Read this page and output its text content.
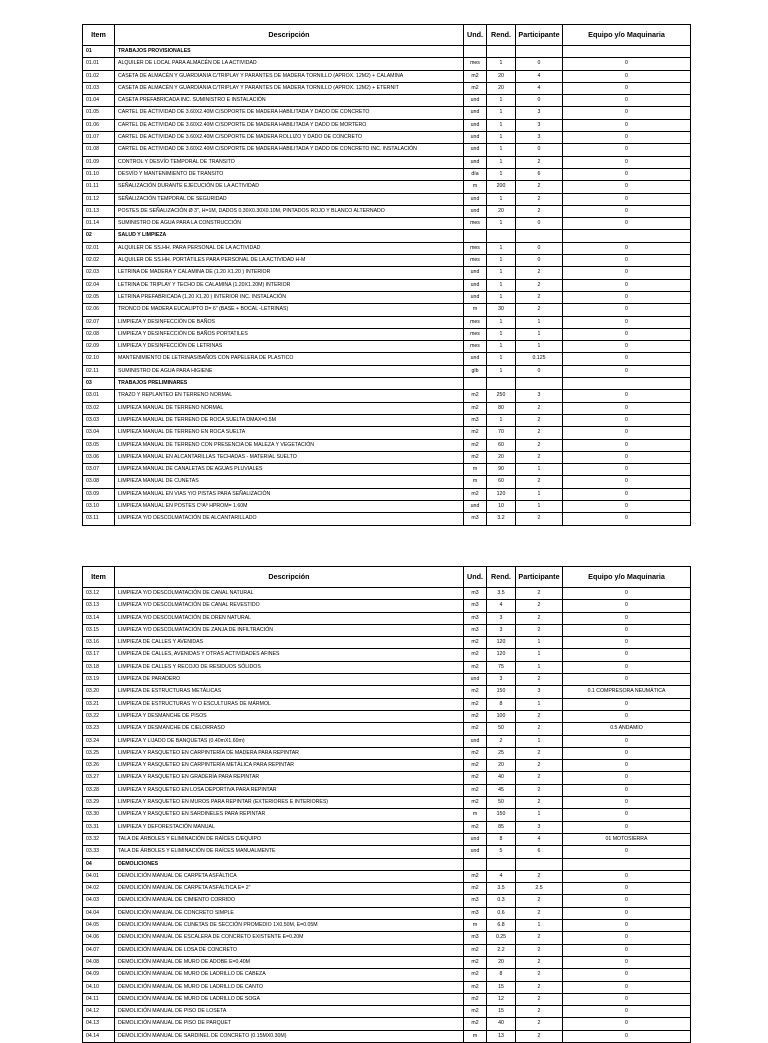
Item	Descripción	Und.	Rend.	Participante	Equipo y/o Maquinaria
01	TRABAJOS PROVISIONALES				
01.01	ALQUILER DE LOCAL PARA ALMACÉN DE LA ACTIVIDAD	mes	1	0	0
01.02	CASETA DE ALMACÉN Y GUARDIANIA C/TRIPLAY Y PARANTES DE MADERA TORNILLO (APROX. 12M2) + CALAMINA	m2	20	4	0
01.03	CASETA DE ALMACÉN Y GUARDIANIA C/TRIPLAY Y PARANTES DE MADERA TORNILLO (APROX. 12M2) + ETERNIT	m2	20	4	0
01.04	CASETA PREFABRICADA INC. SUMINISTRO E INSTALACIÓN	und	1	0	0
01.05	CARTEL DE ACTIVIDAD DE 3.60X2.40M C/SOPORTE DE MADERA HABILITADA Y DADO DE CONCRETO	und	1	3	0
01.06	CARTEL DE ACTIVIDAD DE 3.60X2.40M C/SOPORTE DE MADERA HABILITADA Y DADO DE MORTERO	und	1	3	0
01.07	CARTEL DE ACTIVIDAD DE 3.60X2.40M C/SOPORTE DE MADERA ROLLIZO Y DADO DE CONCRETO	und	1	3	0
01.08	CARTEL DE ACTIVIDAD DE 3.60X2.40M C/SOPORTE DE MADERA HABILITADA Y DADO DE CONCRETO INC. INSTALACIÓN	und	1	0	0
01.09	CONTROL Y DESVÍO TEMPORAL DE TRANSITO	und	1	2	0
01.10	DESVÍO Y MANTENIMIENTO DE TRANSITO	día	1	6	0
01.11	SEÑALIZACIÓN DURANTE EJECUCIÓN DE LA ACTIVIDAD	m	200	2	0
01.12	SEÑALIZACIÓN TEMPORAL DE SEGURIDAD	und	1	2	0
01.13	POSTES DE SEÑALIZACIÓN Ø 3", H=1M, DADOS 0.30X0.30X0.10M, PINTADOS ROJO Y BLANCO ALTERNADO	und	20	2	0
01.14	SUMINISTRO DE AGUA PARA LA CONSTRUCCIÓN	mes	1	0	0
02	SALUD Y LIMPIEZA				
02.01	ALQUILER DE SS.HH. PARA PERSONAL DE LA ACTIVIDAD	mes	1	0	0
02.02	ALQUILER DE SS.HH. PORTÁTILES PARA PERSONAL DE LA ACTIVIDAD H-M	mes	1	0	0
02.03	LETRINA DE MADERA Y CALAMINA DE (1.20 X1.20 ) INTERIOR	und	1	2	0
02.04	LETRINA DE TRIPLAY Y TECHO DE CALAMINA (1.20X1.20M) INTERIOR	und	1	2	0
02.05	LETRINA PREFABRICADA (1.20 X1.20 ) INTERIOR INC. INSTALACIÓN	und	1	2	0
02.06	TRONCO DE MADERA EUCALIPTO D= 6" (BASE + BOCAL -LETRINAS)	m	30	2	0
02.07	LIMPIEZA Y DESINFECCIÓN DE BAÑOS	mes	1	1	0
02.08	LIMPIEZA Y DESINFECCIÓN DE BAÑOS PORTATILES	mes	1	1	0
02.09	LIMPIEZA Y DESINFECCIÓN DE LETRINAS	mes	1	1	0
02.10	MANTENIMIENTO DE LETRINAS/BAÑOS CON PAPELERA DE PLASTICO	und	1	0.125	0
02.11	SUMINISTRO DE AGUA PARA HIGIENE	glb	1	0	0
03	TRABAJOS PRELIMINARES				
03.01	TRAZO Y REPLANTEO EN TERRENO NORMAL	m2	250	3	0
03.02	LIMPIEZA MANUAL DE TERRENO NORMAL	m2	80	2	0
03.03	LIMPIEZA MANUAL DE TERRENO DE ROCA SUELTA DMAX=0.5M	m3	1	2	0
03.04	LIMPIEZA MANUAL DE TERRENO EN ROCA SUELTA	m2	70	2	0
03.05	LIMPIEZA MANUAL DE TERRENO CON PRESENCIA DE MALEZA Y VEGETACIÓN	m2	60	2	0
03.06	LIMPIEZA MANUAL EN ALCANTARILLAS TECHADAS - MATERIAL SUELTO	m2	20	2	0
03.07	LIMPIEZA MANUAL DE CANALETAS DE AGUAS PLUVIALES	m	90	1	0
03.08	LIMPIEZA MANUAL DE CUNETAS	m	60	2	0
03.09	LIMPIEZA MANUAL EN VIAS Y/O PISTAS PARA SEÑALIZACIÓN	m2	120	1	0
03.10	LIMPIEZA MANUAL EN POSTES CºAº HPROM= 1.60M	und	10	1	0
03.11	LIMPIEZA Y/O DESCOLMATACIÓN DE ALCANTARILLADO	m3	3.2	2	0
Item	Descripción	Und.	Rend.	Participante	Equipo y/o Maquinaria
03.12	LIMPIEZA Y/O DESCOLMATACIÓN DE CANAL NATURAL	m3	3.5	2	0
03.13	LIMPIEZA Y/O DESCOLMATACIÓN DE CANAL REVESTIDO	m3	4	2	0
03.14	LIMPIEZA Y/O DESCOLMATACIÓN DE DREN NATURAL	m3	3	2	0
03.15	LIMPIEZA Y/O DESCOLMATACIÓN DE ZANJA DE INFILTRACIÓN	m3	3	2	0
03.16	LIMPIEZA DE CALLES Y AVENIDAS	m2	120	1	0
03.17	LIMPIEZA DE CALLES, AVENIDAS Y OTRAS ACTIVIDADES AFINES	m2	120	1	0
03.18	LIMPIEZA DE CALLES Y RECOJO DE RESIDUOS SÓLIDOS	m2	75	1	0
03.19	LIMPIEZA DE PARADERO	und	3	2	0
03.20	LIMPIEZA DE ESTRUCTURAS METÁLICAS	m2	150	3	0.1 COMPRESORA NEUMÁTICA
03.21	LIMPIEZA DE ESTRUCTURAS Y/ O ESCULTURAS DE MÁRMOL	m2	8	1	0
03.22	LIMPIEZA Y DESMANCHE DE PISOS	m2	100	2	0
03.23	LIMPIEZA Y DESMANCHE DE CIELORRASO	m2	50	2	0.5 ANDAMIO
03.24	LIMPIEZA Y LIJADO DE BANQUETAS (0.40mX1.60m)	und	2	1	0
03.25	LIMPIEZA Y RASQUETEO EN CARPINTERÍA DE MADERA PARA REPINTAR	m2	25	2	0
03.26	LIMPIEZA Y RASQUETEO EN CARPINTERÍA METÁLICA PARA REPINTAR	m2	20	2	0
03.27	LIMPIEZA Y RASQUETEO EN GRADERÍA PARA REPINTAR	m2	40	2	0
03.28	LIMPIEZA Y RASQUETEO EN LOSA DEPORTIVA PARA REPINTAR	m2	45	2	0
03.29	LIMPIEZA Y RASQUETEO EN MUROS PARA REPINTAR (EXTERIORES E INTERIORES)	m2	50	2	0
03.30	LIMPIEZA Y RASQUETEO EN SARDINELES PARA REPINTAR	m	150	1	0
03.31	LIMPIEZA Y DEFORESTACIÓN MANUAL	m2	85	3	0
03.32	TALA DE ÁRBOLES Y ELIMINACIÓN DE RAÍCES C/EQUIPO	und	8	4	01 MOTOSIERRA
03.33	TALA DE ÁRBOLES Y ELIMINACIÓN DE RAÍCES MANUALMENTE	und	5	6	0
04	DEMOLICIONES				
04.01	DEMOLICIÓN MANUAL DE CARPETA ASFÁLTICA	m2	4	2	0
04.02	DEMOLICIÓN MANUAL DE CARPETA ASFÁLTICA E= 2"	m2	3.5	2.5	0
04.03	DEMOLICIÓN MANUAL DE CIMIENTO CORRIDO	m3	0.3	2	0
04.04	DEMOLICIÓN MANUAL DE CONCRETO SIMPLE	m3	0.6	2	0
04.05	DEMOLICIÓN MANUAL DE CUNETAS DE SECCIÓN PROMEDIO 1X0.50M, E=0.05M	m	6.8	1	0
04.06	DEMOLICIÓN MANUAL DE ESCALERA DE CONCRETO EXISTENTE E=0.20M	m3	0.25	2	0
04.07	DEMOLICIÓN MANUAL DE LOSA DE CONCRETO	m2	2.2	2	0
04.08	DEMOLICIÓN MANUAL DE MURO DE ADOBE E=0.40M	m2	20	2	0
04.09	DEMOLICIÓN MANUAL DE MURO DE LADRILLO DE CABEZA	m2	8	2	0
04.10	DEMOLICIÓN MANUAL DE MURO DE LADRILLO DE CANTO	m2	15	2	0
04.11	DEMOLICIÓN MANUAL DE MURO DE LADRILLO DE SOGA	m2	12	2	0
04.12	DEMOLICIÓN MANUAL DE PISO DE LOSETA	m2	15	2	0
04.13	DEMOLICIÓN MANUAL DE PISO DE PARQUET	m2	40	2	0
04.14	DEMOLICIÓN MANUAL DE SARDINEL DE CONCRETO (0.15MX0.30M)	m	13	2	0
